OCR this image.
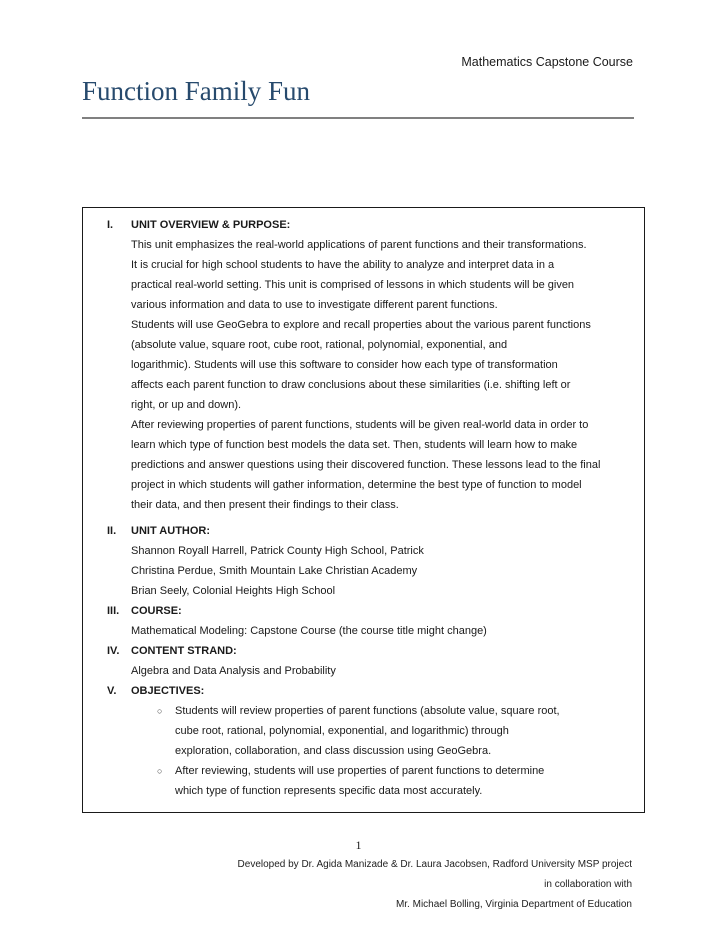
Mathematics Capstone Course
Function Family Fun
I.	UNIT OVERVIEW & PURPOSE:
This unit emphasizes the real-world applications of parent functions and their transformations.
It is crucial for high school students to have the ability to analyze and interpret data in a
practical real-world setting. This unit is comprised of lessons in which students will be given
various information and data to use to investigate different parent functions.
Students will use GeoGebra to explore and recall properties about the various parent functions
(absolute value, square root, cube root, rational, polynomial, exponential, and
logarithmic). Students will use this software to consider how each type of transformation
affects each parent function to draw conclusions about these similarities (i.e. shifting left or
right, or up and down).
After reviewing properties of parent functions, students will be given real-world data in order to
learn which type of function best models the data set. Then, students will learn how to make
predictions and answer questions using their discovered function. These lessons lead to the final
project in which students will gather information, determine the best type of function to model
their data, and then present their findings to their class.
II.	UNIT AUTHOR:
Shannon Royall Harrell, Patrick County High School, Patrick
Christina Perdue, Smith Mountain Lake Christian Academy
Brian Seely, Colonial Heights High School
III.	COURSE:
Mathematical Modeling: Capstone Course (the course title might change)
IV.	CONTENT STRAND:
Algebra and Data Analysis and Probability
V.	OBJECTIVES:
○	Students will review properties of parent functions (absolute value, square root,
cube root, rational, polynomial, exponential, and logarithmic) through
exploration, collaboration, and class discussion using GeoGebra.
○	After reviewing, students will use properties of parent functions to determine
which type of function represents specific data most accurately.
1
Developed by Dr. Agida Manizade & Dr. Laura Jacobsen, Radford University MSP project
in collaboration with
Mr. Michael Bolling, Virginia Department of Education
